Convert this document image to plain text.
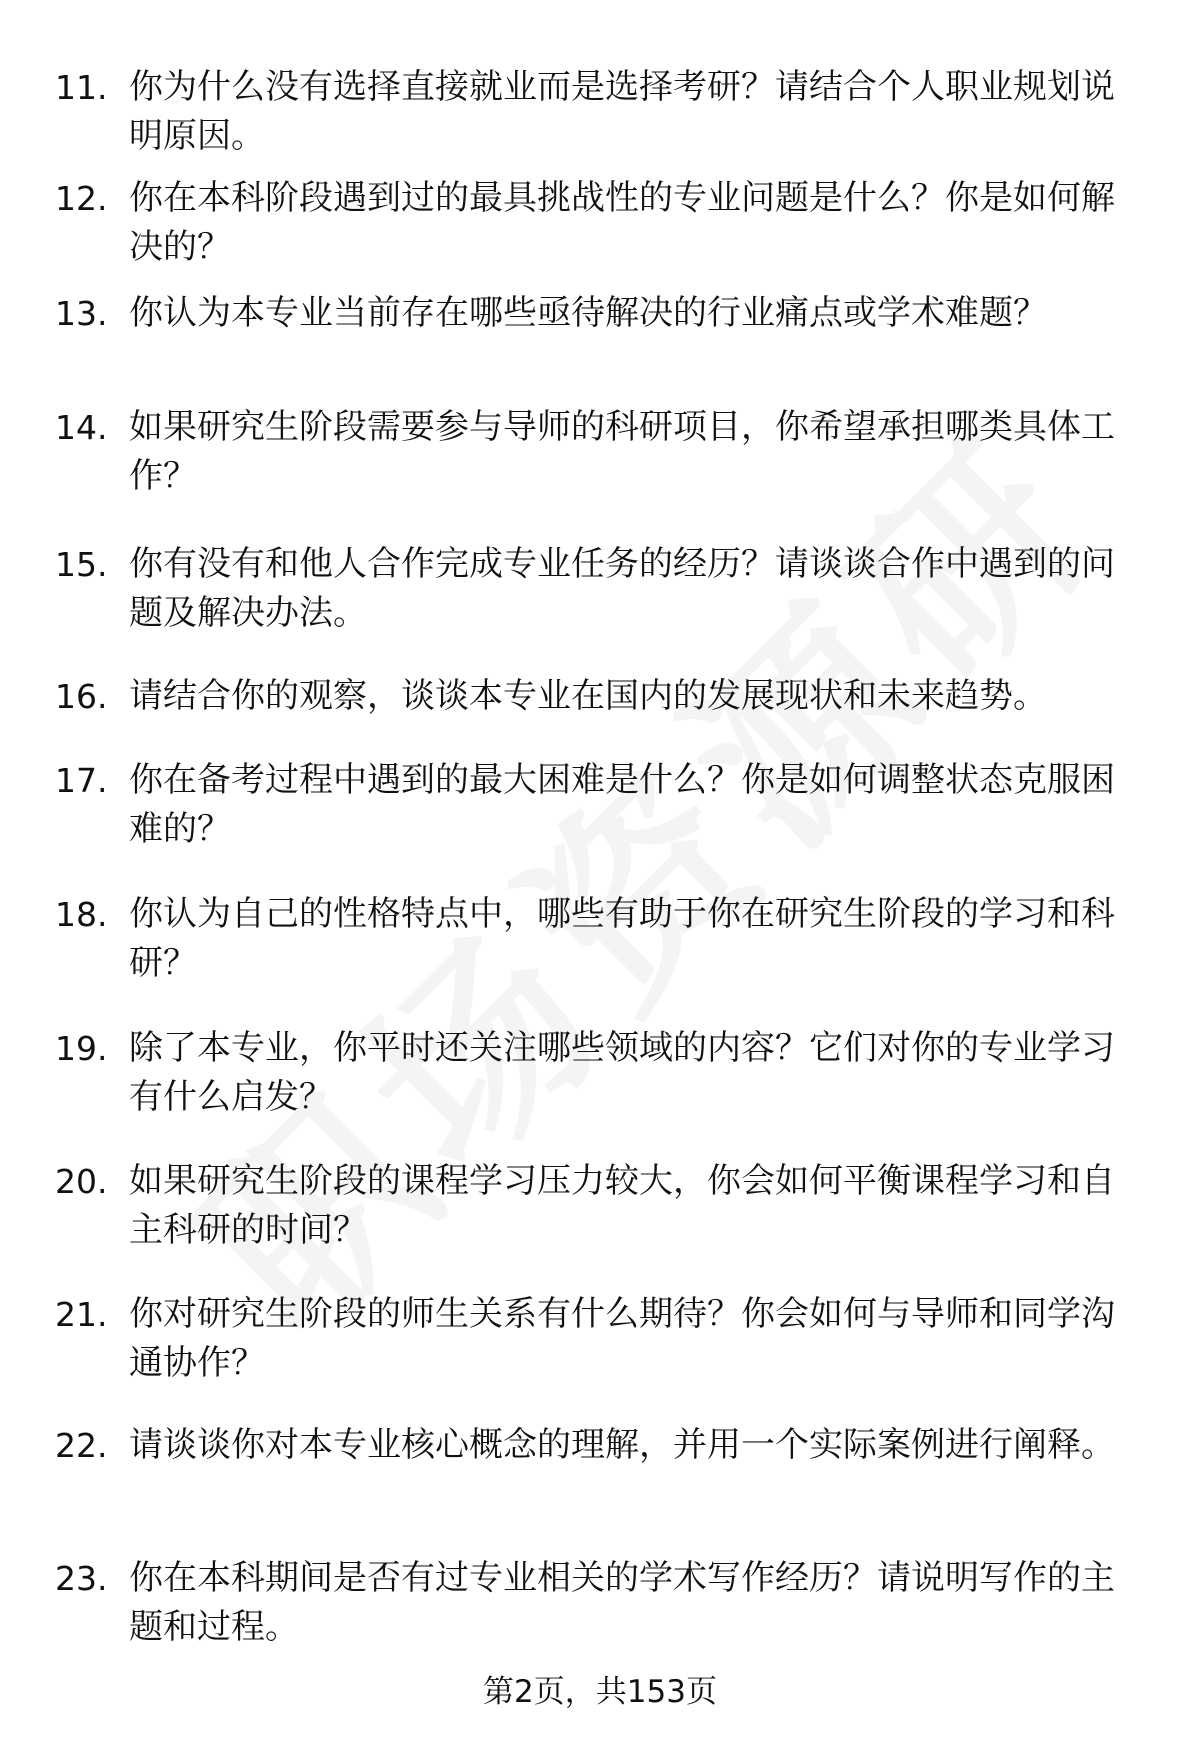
11. 你为什么没有选择直接就业而是选择考研？请结合个人职业规划说明原因。
12. 你在本科阶段遇到过的最具挑战性的专业问题是什么？你是如何解决的？
13. 你认为本专业当前存在哪些亟待解决的行业痛点或学术难题？
14. 如果研究生阶段需要参与导师的科研项目，你希望承担哪类具体工作？
15. 你有没有和他人合作完成专业任务的经历？请谈谈合作中遇到的问题及解决办法。
16. 请结合你的观察，谈谈本专业在国内的发展现状和未来趋势。
17. 你在备考过程中遇到的最大困难是什么？你是如何调整状态克服困难的？
18. 你认为自己的性格特点中，哪些有助于你在研究生阶段的学习和科研？
19. 除了本专业，你平时还关注哪些领域的内容？它们对你的专业学习有什么启发？
20. 如果研究生阶段的课程学习压力较大，你会如何平衡课程学习和自主科研的时间？
21. 你对研究生阶段的师生关系有什么期待？你会如何与导师和同学沟通协作？
22. 请谈谈你对本专业核心概念的理解，并用一个实际案例进行阐释。
23. 你在本科期间是否有过专业相关的学术写作经历？请说明写作的主题和过程。
第2页，共153页
